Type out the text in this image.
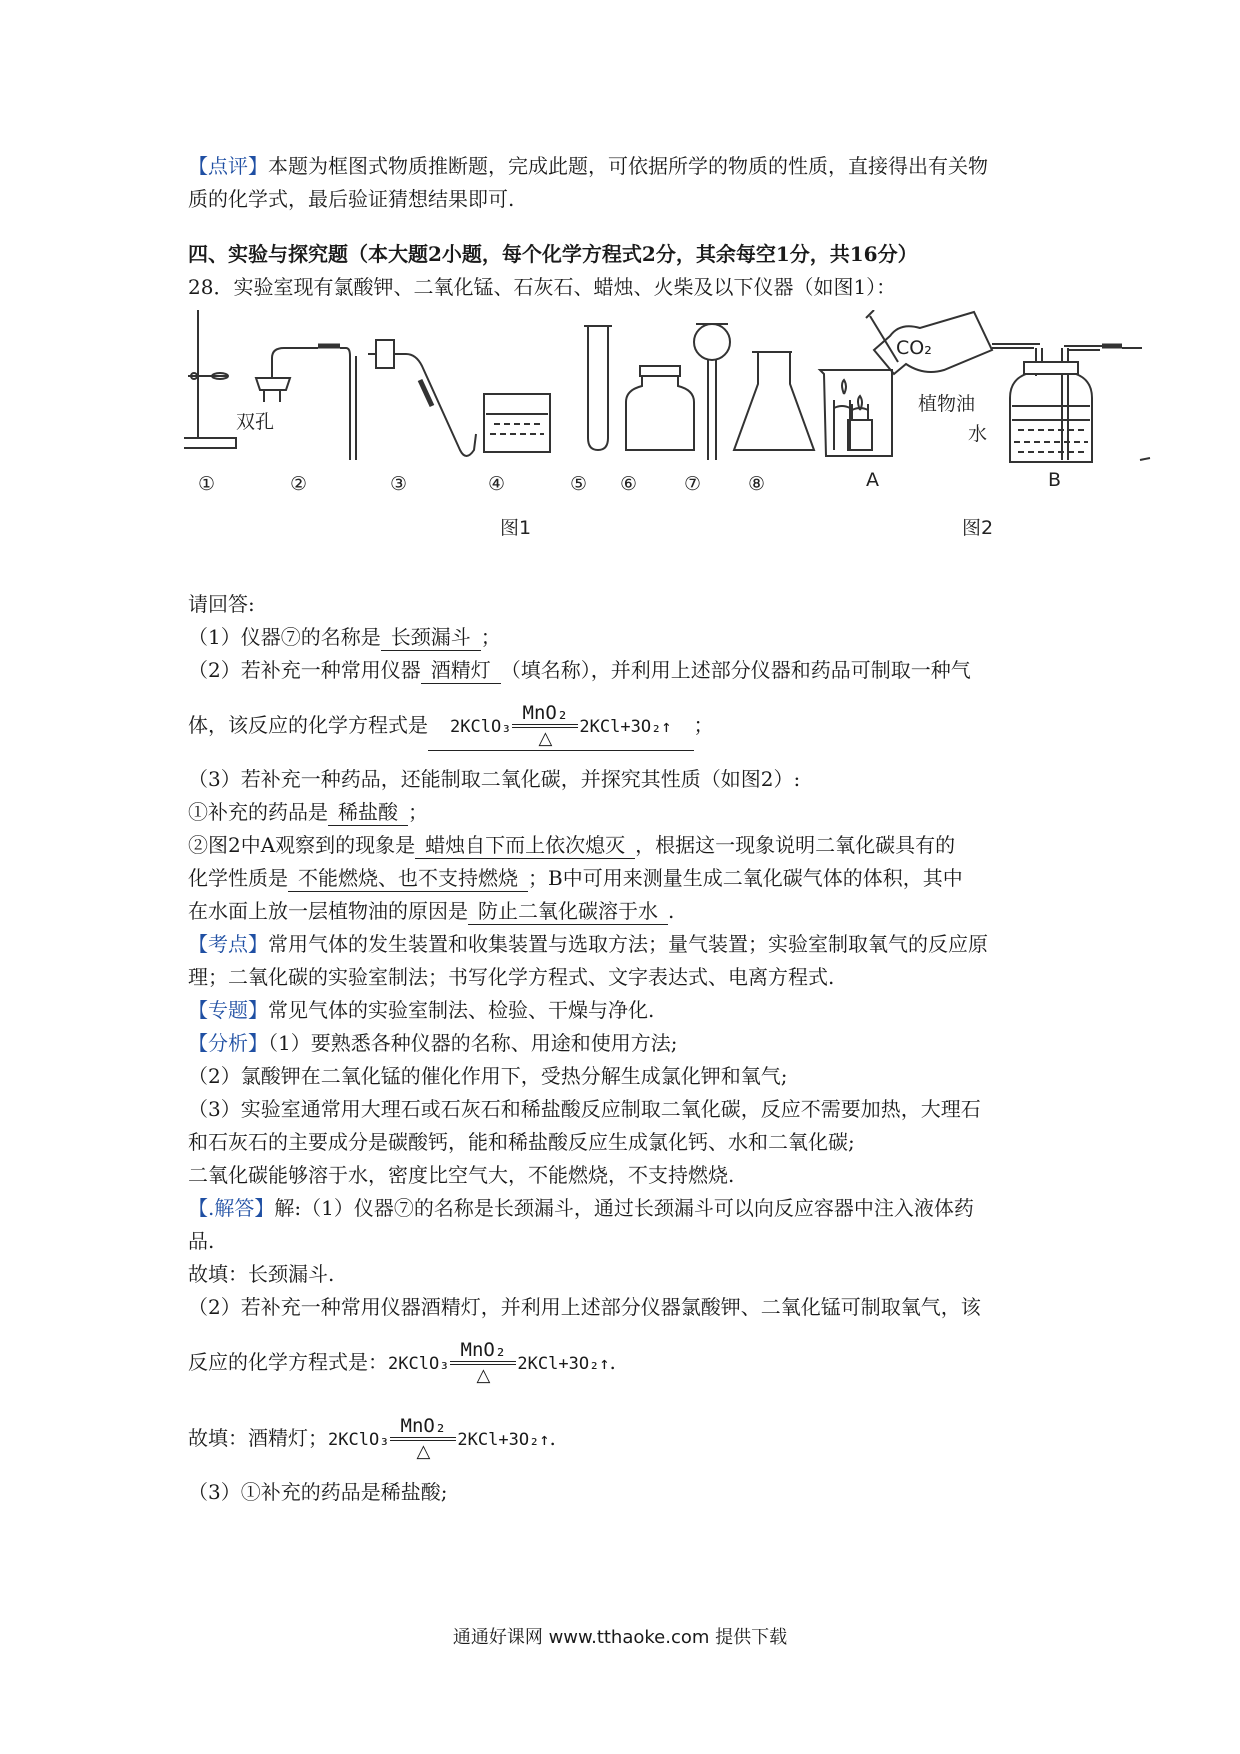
【点评】本题为框图式物质推断题，完成此题，可依据所学的物质的性质，直接得出有关物
质的化学式，最后验证猜想结果即可.

四、实验与探究题（本大题2小题，每个化学方程式2分，其余每空1分，共16分）

28．实验室现有氯酸钾、二氧化锰、石灰石、蜡烛、火柴及以下仪器（如图1）：

双孔
CO₂
植物油
水
①	②	③	④	⑤ ⑥ ⑦ ⑧	A	B
图1	图2

请回答:

（1）仪器⑦的名称是 长颈漏斗 ；

（2）若补充一种常用仪器 酒精灯 （填名称），并利用上述部分仪器和药品可制取一种气

体，该反应的化学方程式是 2KClO₃
MnO₂
△
2KCl+3O₂↑ ；

（3）若补充一种药品，还能制取二氧化碳，并探究其性质（如图2）:

①补充的药品是 稀盐酸 ；

②图2中A观察到的现象是 蜡烛自下而上依次熄灭 ，根据这一现象说明二氧化碳具有的
化学性质是 不能燃烧、也不支持燃烧 ；B中可用来测量生成二氧化碳气体的体积，其中
在水面上放一层植物油的原因是 防止二氧化碳溶于水 .

【考点】常用气体的发生装置和收集装置与选取方法；量气装置；实验室制取氧气的反应原
理；二氧化碳的实验室制法；书写化学方程式、文字表达式、电离方程式.

【专题】常见气体的实验室制法、检验、干燥与净化.

【分析】（1）要熟悉各种仪器的名称、用途和使用方法;
（2）氯酸钾在二氧化锰的催化作用下，受热分解生成氯化钾和氧气;
（3）实验室通常用大理石或石灰石和稀盐酸反应制取二氧化碳，反应不需要加热，大理石
和石灰石的主要成分是碳酸钙，能和稀盐酸反应生成氯化钙、水和二氧化碳;
二氧化碳能够溶于水，密度比空气大，不能燃烧，不支持燃烧.

【.解答】解:（1）仪器⑦的名称是长颈漏斗，通过长颈漏斗可以向反应容器中注入液体药
品.
故填：长颈漏斗.
（2）若补充一种常用仪器酒精灯，并利用上述部分仪器氯酸钾、二氧化锰可制取氧气，该

反应的化学方程式是： 2KClO₃
MnO₂
△
2KCl+3O₂↑ .

故填：酒精灯； 2KClO₃
MnO₂
△
2KCl+3O₂↑ .

（3）①补充的药品是稀盐酸;

通通好课网 www.tthaoke.com 提供下载
